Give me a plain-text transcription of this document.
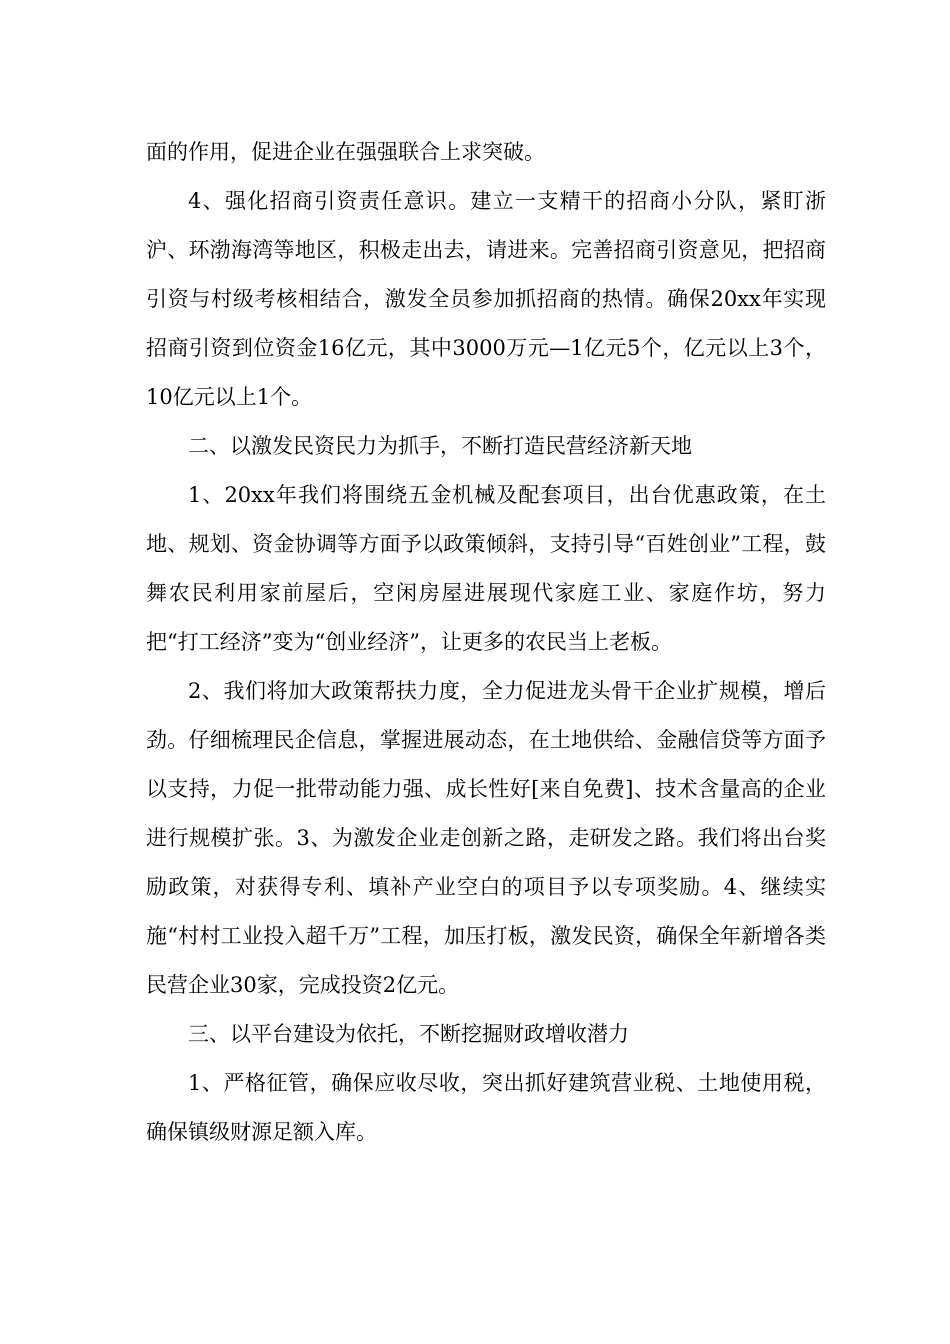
面的作用，促进企业在强强联合上求突破。

4、强化招商引资责任意识。建立一支精干的招商小分队，紧盯浙沪、环渤海湾等地区，积极走出去，请进来。完善招商引资意见，把招商引资与村级考核相结合，激发全员参加抓招商的热情。确保20xx年实现招商引资到位资金16亿元，其中3000万元—1亿元5个，亿元以上3个，10亿元以上1个。

二、以激发民资民力为抓手，不断打造民营经济新天地

1、20xx年我们将围绕五金机械及配套项目，出台优惠政策，在土地、规划、资金协调等方面予以政策倾斜，支持引导“百姓创业”工程，鼓舞农民利用家前屋后，空闲房屋进展现代家庭工业、家庭作坊，努力把“打工经济”变为“创业经济”，让更多的农民当上老板。

2、我们将加大政策帮扶力度，全力促进龙头骨干企业扩规模，增后劲。仔细梳理民企信息，掌握进展动态，在土地供给、金融信贷等方面予以支持，力促一批带动能力强、成长性好[来自免费]、技术含量高的企业进行规模扩张。3、为激发企业走创新之路，走研发之路。我们将出台奖励政策，对获得专利、填补产业空白的项目予以专项奖励。4、继续实施“村村工业投入超千万”工程，加压打板，激发民资，确保全年新增各类民营企业30家，完成投资2亿元。

三、以平台建设为依托，不断挖掘财政增收潜力

1、严格征管，确保应收尽收，突出抓好建筑营业税、土地使用税，确保镇级财源足额入库。
